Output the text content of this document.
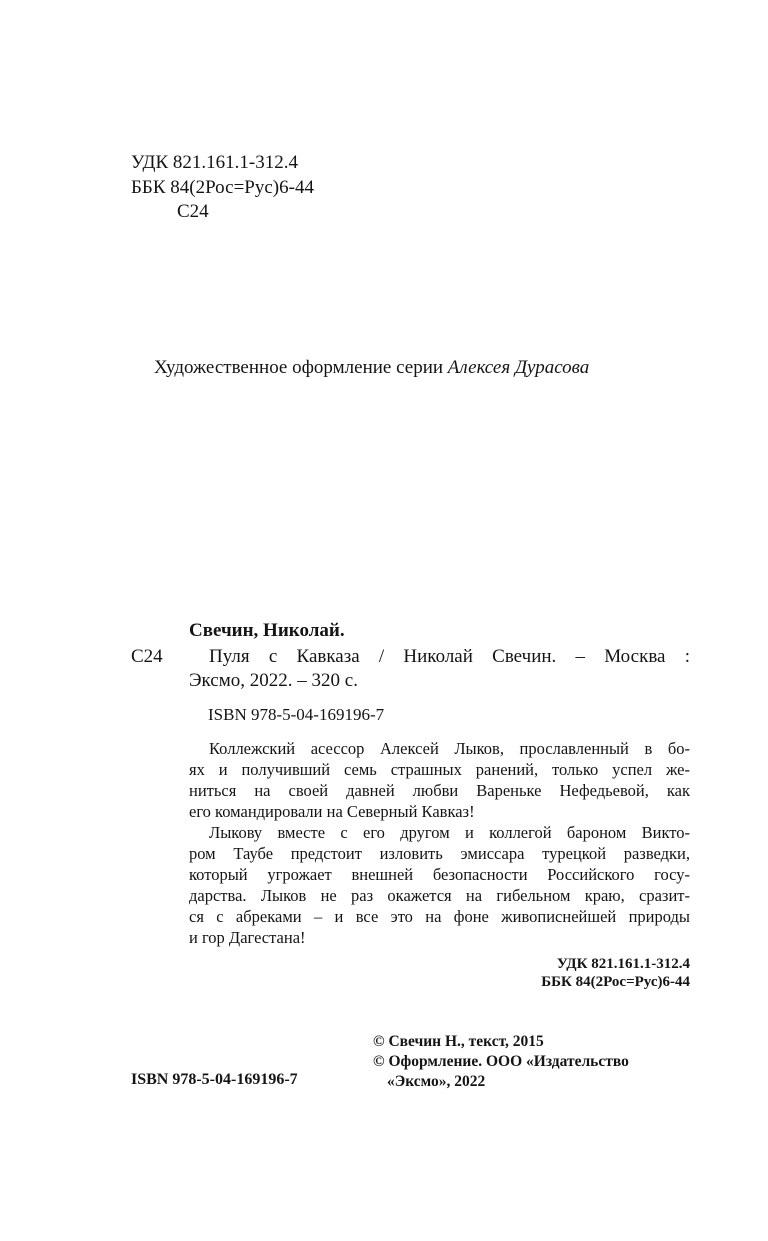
УДК 821.161.1-312.4
ББК 84(2Рос=Рус)6-44
С24
Художественное оформление серии Алексея Дурасова
Свечин, Николай.
С24 Пуля с Кавказа / Николай Свечин. – Москва :
Эксмо, 2022. – 320 с.
ISBN 978-5-04-169196-7
Коллежский асессор Алексей Лыков, прославленный в бо-
ях и получивший семь страшных ранений, только успел же-
ниться на своей давней любви Вареньке Нефедьевой, как
его командировали на Северный Кавказ!
Лыкову вместе с его другом и коллегой бароном Викто-
ром Таубе предстоит изловить эмиссара турецкой разведки,
который угрожает внешней безопасности Российского госу-
дарства. Лыков не раз окажется на гибельном краю, сразит-
ся с абреками – и все это на фоне живописнейшей природы
и гор Дагестана!
УДК 821.161.1-312.4
ББК 84(2Рос=Рус)6-44
© Свечин Н., текст, 2015
© Оформление. ООО «Издательство
«Эксмо», 2022
ISBN 978-5-04-169196-7
